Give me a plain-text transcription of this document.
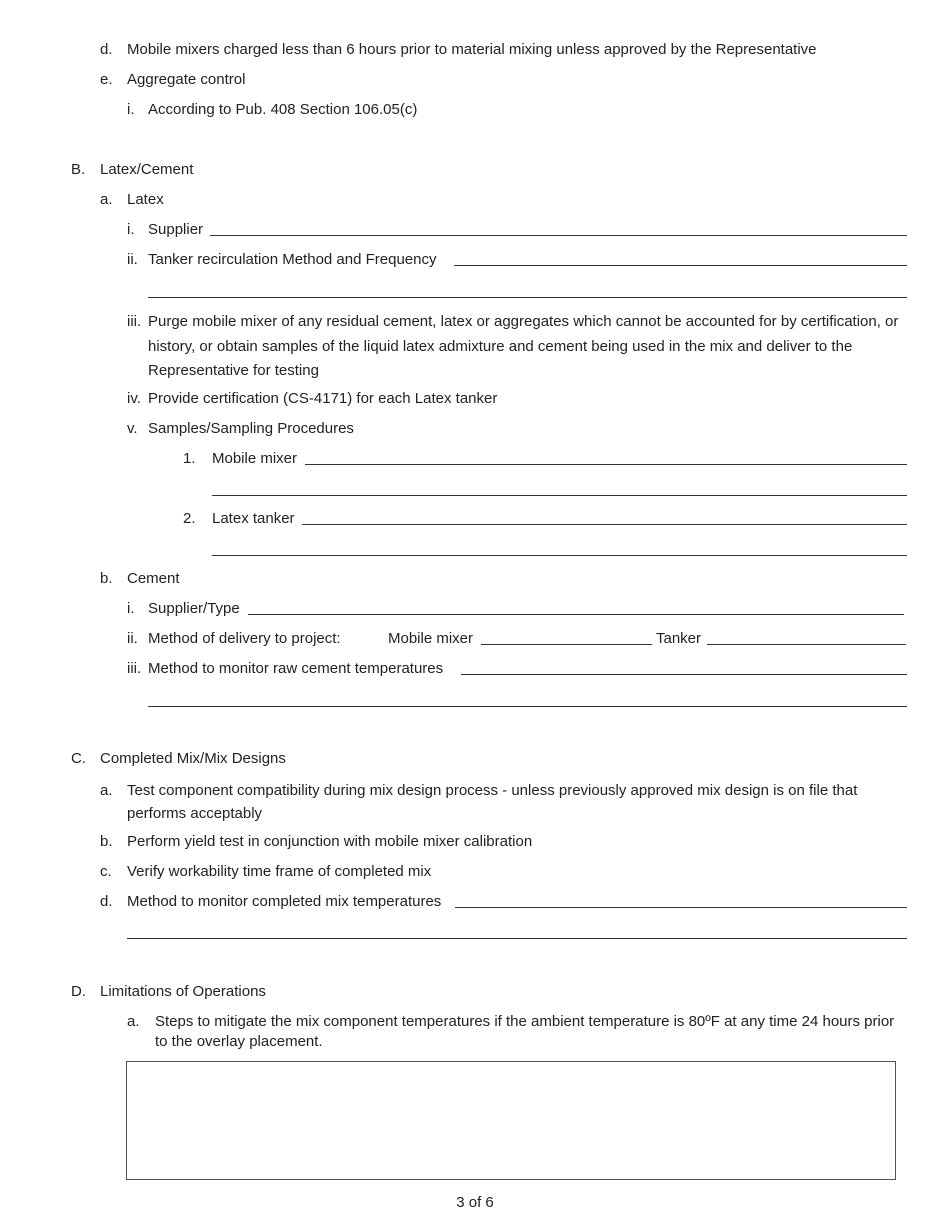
d. Mobile mixers charged less than 6 hours prior to material mixing unless approved by the Representative
e. Aggregate control
i. According to Pub. 408 Section 106.05(c)
B. Latex/Cement
a. Latex
i. Supplier
ii. Tanker recirculation Method and Frequency
iii. Purge mobile mixer of any residual cement, latex or aggregates which cannot be accounted for by certification, or history, or obtain samples of the liquid latex admixture and cement being used in the mix and deliver to the Representative for testing
iv. Provide certification (CS-4171) for each Latex tanker
v. Samples/Sampling Procedures
1. Mobile mixer
2. Latex tanker
b. Cement
i. Supplier/Type
ii. Method of delivery to project:	Mobile mixer	Tanker
iii. Method to monitor raw cement temperatures
C. Completed Mix/Mix Designs
a. Test component compatibility during mix design process - unless previously approved mix design is on file that performs acceptably
b. Perform yield test in conjunction with mobile mixer calibration
c. Verify workability time frame of completed mix
d. Method to monitor completed mix temperatures
D. Limitations of Operations
a. Steps to mitigate the mix component temperatures if the ambient temperature is 80ºF at any time 24 hours prior to the overlay placement.
3 of 6
